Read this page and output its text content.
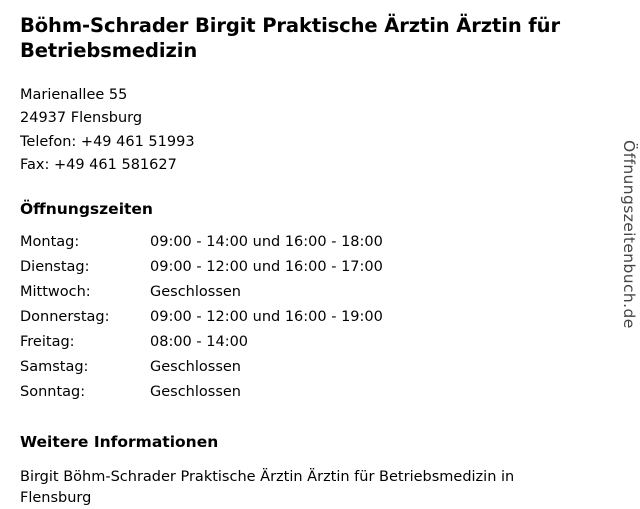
Böhm-Schrader Birgit Praktische Ärztin Ärztin für Betriebsmedizin
Marienallee 55
24937 Flensburg
Telefon: +49 461 51993
Fax: +49 461 581627
Öffnungszeiten
Montag:	09:00 - 14:00 und 16:00 - 18:00
Dienstag:	09:00 - 12:00 und 16:00 - 17:00
Mittwoch:	Geschlossen
Donnerstag:	09:00 - 12:00 und 16:00 - 19:00
Freitag:	08:00 - 14:00
Samstag:	Geschlossen
Sonntag:	Geschlossen
Weitere Informationen
Birgit Böhm-Schrader Praktische Ärztin Ärztin für Betriebsmedizin in Flensburg
Öffnungszeitenbuch.de
